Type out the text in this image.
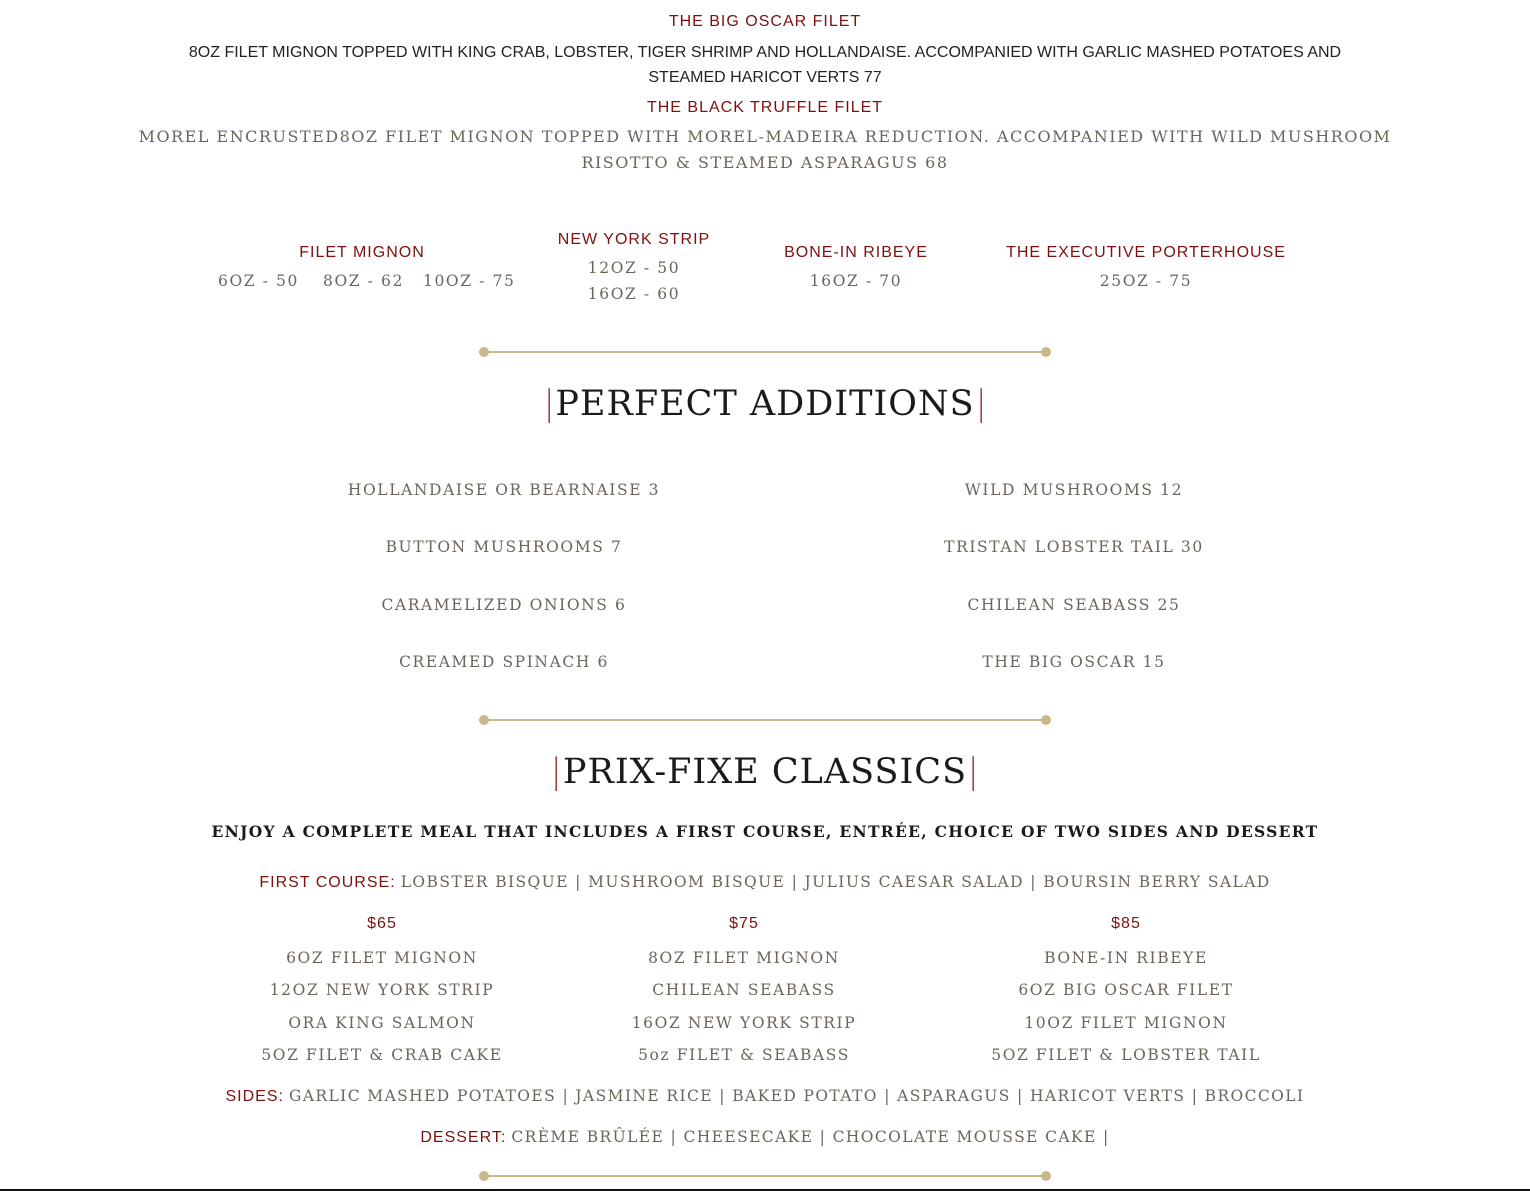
THE BIG OSCAR FILET
8OZ FILET MIGNON TOPPED WITH KING CRAB, LOBSTER, TIGER SHRIMP AND HOLLANDAISE. ACCOMPANIED WITH GARLIC MASHED POTATOES AND
STEAMED HARICOT VERTS 77
THE BLACK TRUFFLE FILET
MOREL ENCRUSTED8OZ FILET MIGNON TOPPED WITH MOREL-MADEIRA REDUCTION. ACCOMPANIED WITH WILD MUSHROOM
RISOTTO & STEAMED ASPARAGUS 68
FILET MIGNON
6OZ - 50 8OZ - 62 10OZ - 75
NEW YORK STRIP
12OZ - 50
16OZ - 60
BONE-IN RIBEYE
16OZ - 70
THE EXECUTIVE PORTERHOUSE
25OZ - 75
| PERFECT ADDITIONS |
HOLLANDAISE OR BEARNAISE 3
BUTTON MUSHROOMS 7
CARAMELIZED ONIONS 6
CREAMED SPINACH 6
WILD MUSHROOMS 12
TRISTAN LOBSTER TAIL 30
CHILEAN SEABASS 25
THE BIG OSCAR 15
| PRIX-FIXE CLASSICS |
ENJOY A COMPLETE MEAL THAT INCLUDES A FIRST COURSE, ENTRÉE, CHOICE OF TWO SIDES AND DESSERT
FIRST COURSE: LOBSTER BISQUE | MUSHROOM BISQUE | JULIUS CAESAR SALAD | BOURSIN BERRY SALAD
$65
6OZ FILET MIGNON
12OZ NEW YORK STRIP
ORA KING SALMON
5OZ FILET & CRAB CAKE
$75
8OZ FILET MIGNON
CHILEAN SEABASS
16OZ NEW YORK STRIP
5oz FILET & SEABASS
$85
BONE-IN RIBEYE
6OZ BIG OSCAR FILET
10OZ FILET MIGNON
5OZ FILET & LOBSTER TAIL
SIDES: GARLIC MASHED POTATOES | JASMINE RICE | BAKED POTATO | ASPARAGUS | HARICOT VERTS | BROCCOLI
DESSERT: CRÈME BRÛLÉE | CHEESECAKE | CHOCOLATE MOUSSE CAKE |
